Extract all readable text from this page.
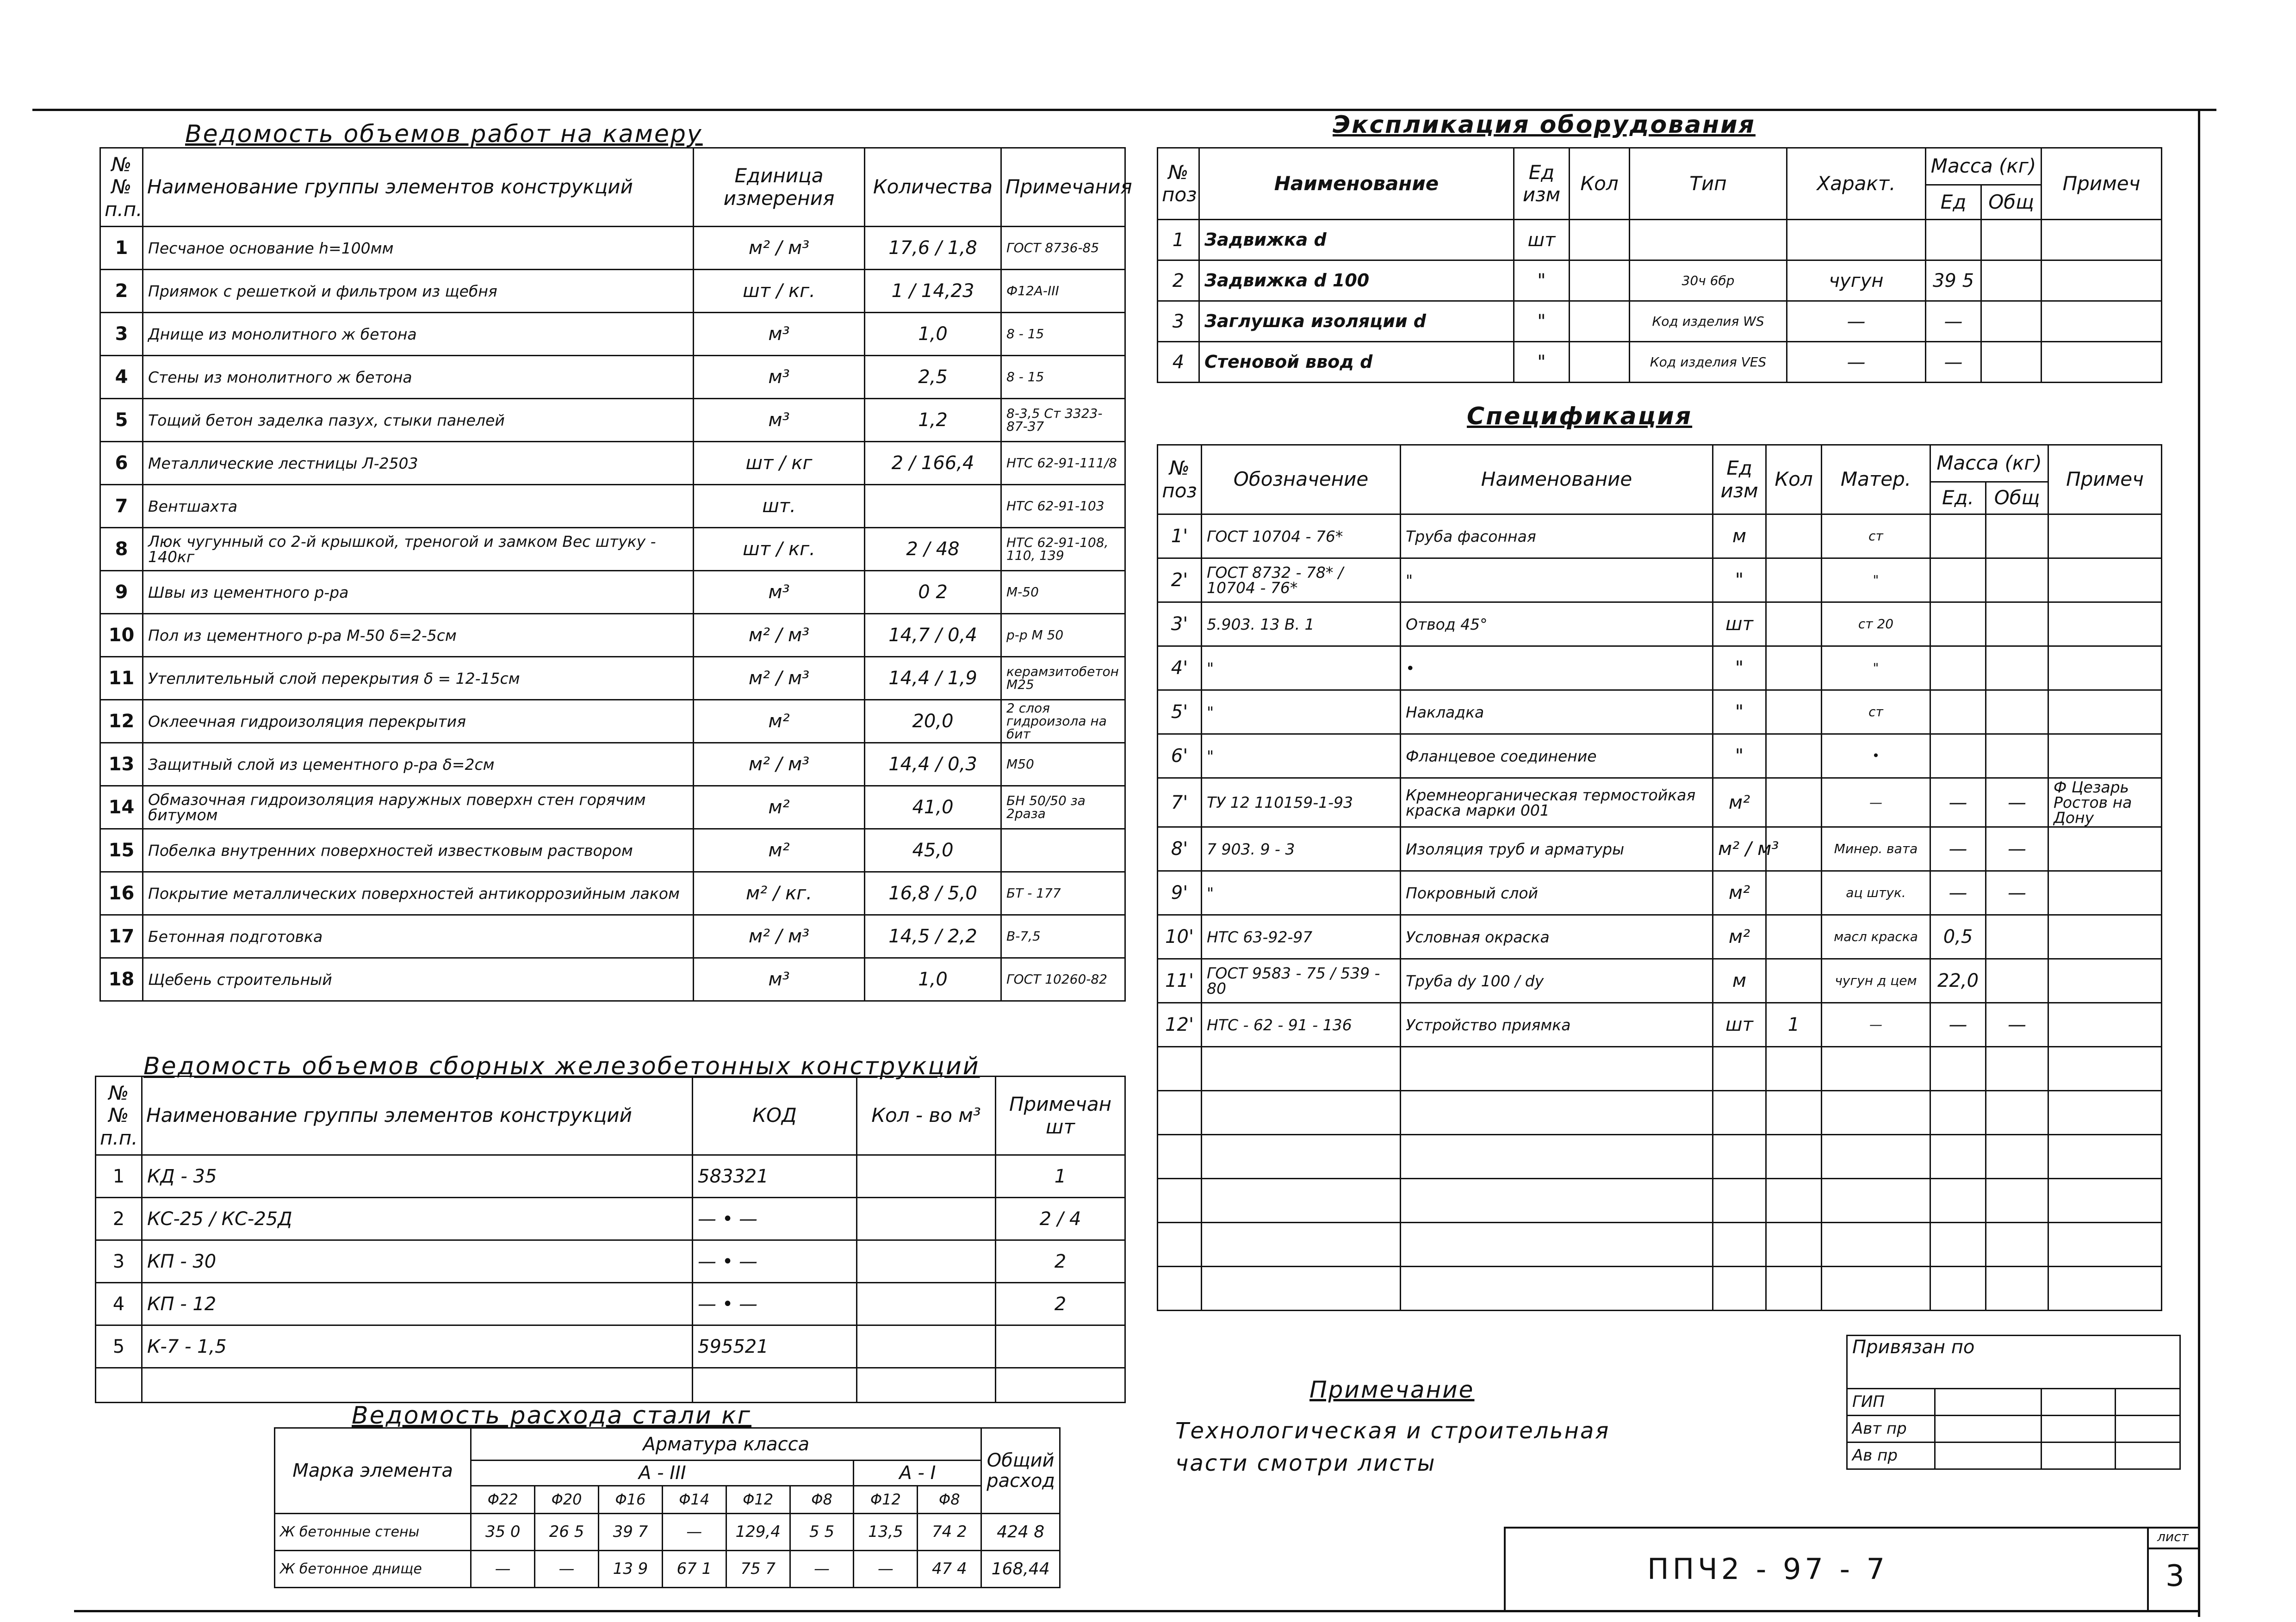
Ведомость объемов работ на камеру
№№ п.п.	Наименование группы элементов конструкций	Единица измерения	Количества	Примечания
1	Песчаное основание h=100мм	м² / м³	17,6 / 1,8	ГОСТ 8736-85
2	Приямок с решеткой и фильтром из щебня	шт / кг.	1 / 14,23	Ф12А-III
3	Днище из монолитного ж бетона	м³	1,0	8 - 15
4	Стены из монолитного ж бетона	м³	2,5	8 - 15
5	Тощий бетон заделка пазух, стыки панелей	м³	1,2	8-3,5 Ст 3323-87-37
6	Металлические лестницы Л-2503	шт / кг	2 / 166,4	НТС 62-91-111/8
7	Вентшахта	шт.		НТС 62-91-103
8	Люк чугунный со 2-й крышкой, треногой и замком Вес штуку - 140кг	шт / кг.	2 / 48	НТС 62-91-108, 110, 139
9	Швы из цементного р-ра	м³	0 2	М-50
10	Пол из цементного р-ра М-50 δ=2-5см	м² / м³	14,7 / 0,4	р-р М 50
11	Утеплительный слой перекрытия δ = 12-15см	м² / м³	14,4 / 1,9	керамзитобетон М25
12	Оклеечная гидроизоляция перекрытия	м²	20,0	2 слоя гидроизола на бит
13	Защитный слой из цементного р-ра δ=2см	м² / м³	14,4 / 0,3	М50
14	Обмазочная гидроизоляция наружных поверхн стен горячим битумом	м²	41,0	БН 50/50 за 2раза
15	Побелка внутренних поверхностей известковым раствором	м²	45,0	
16	Покрытие металлических поверхностей антикоррозийным лаком	м² / кг.	16,8 / 5,0	БТ - 177
17	Бетонная подготовка	м² / м³	14,5 / 2,2	В-7,5
18	Щебень строительный	м³	1,0	ГОСТ 10260-82
Ведомость объемов сборных железобетонных конструкций
№№ п.п.	Наименование группы элементов конструкций	КОД	Кол - во м³	Примечан шт
1	КД - 35	583321		1
2	КС-25 / КС-25Д	— • —		2 / 4
3	КП - 30	— • —		2
4	КП - 12	— • —		2
5	К-7 - 1,5	595521		

Ведомость расхода стали кг
Марка элемента	Арматура класса								Общий расход
	А - III						А - I		
	Φ22	Φ20	Φ16	Φ14	Φ12	Φ8	Φ12	Φ8	
Ж бетонные стены	35 0	26 5	39 7	—	129,4	5 5	13,5	74 2	424 8
Ж бетонное днище	—	—	13 9	67 1	75 7	—	—	47 4	168,44
Экспликация оборудования
№ поз	Наименование	Ед изм	Кол	Тип	Характ.	Масса (кг)		Примеч
						Ед	Общ	
1	Задвижка d	шт						
2	Задвижка d 100	"		30ч 6бр	чугун	39 5		
3	Заглушка изоляции d	"		Код изделия WS	—	—		
4	Стеновой ввод d	"		Код изделия VES	—	—		
Спецификация
№ поз	Обозначение	Наименование	Ед изм	Кол	Матер.	Масса (кг)		Примеч
						Ед.	Общ	
1'	ГОСТ 10704 - 76*	Труба фасонная	м		ст			
2'	ГОСТ 8732 - 78* / 10704 - 76*	"	"		"			
3'	5.903. 13 В. 1	Отвод 45°	шт		ст 20			
4'	"	•	"		"			
5'	"	Накладка	"		ст			
6'	"	Фланцевое соединение	"		•			
7'	ТУ 12 110159-1-93	Кремнеорганическая термостойкая краска марки 001	м²		—	—	—	Ф Цезарь Ростов на Дону
8'	7 903. 9 - 3	Изоляция труб и арматуры	м² / м³		Минер. вата	—	—	
9'	"	Покровный слой	м²		ац штук.	—	—	
10'	НТС 63-92-97	Условная окраска	м²		масл краска	0,5		
11'	ГОСТ 9583 - 75 / 539 - 80	Труба dу 100 / dу	м		чугун д цем	22,0		
12'	НТС - 62 - 91 - 136	Устройство приямка	шт	1	—	—	—	

Примечание
Технологическая и строительная
части смотри листы
Привязан по			
ГИП			
Авт пр			
Ав пр			
ППЧ2 - 97 - 7
лист
3
